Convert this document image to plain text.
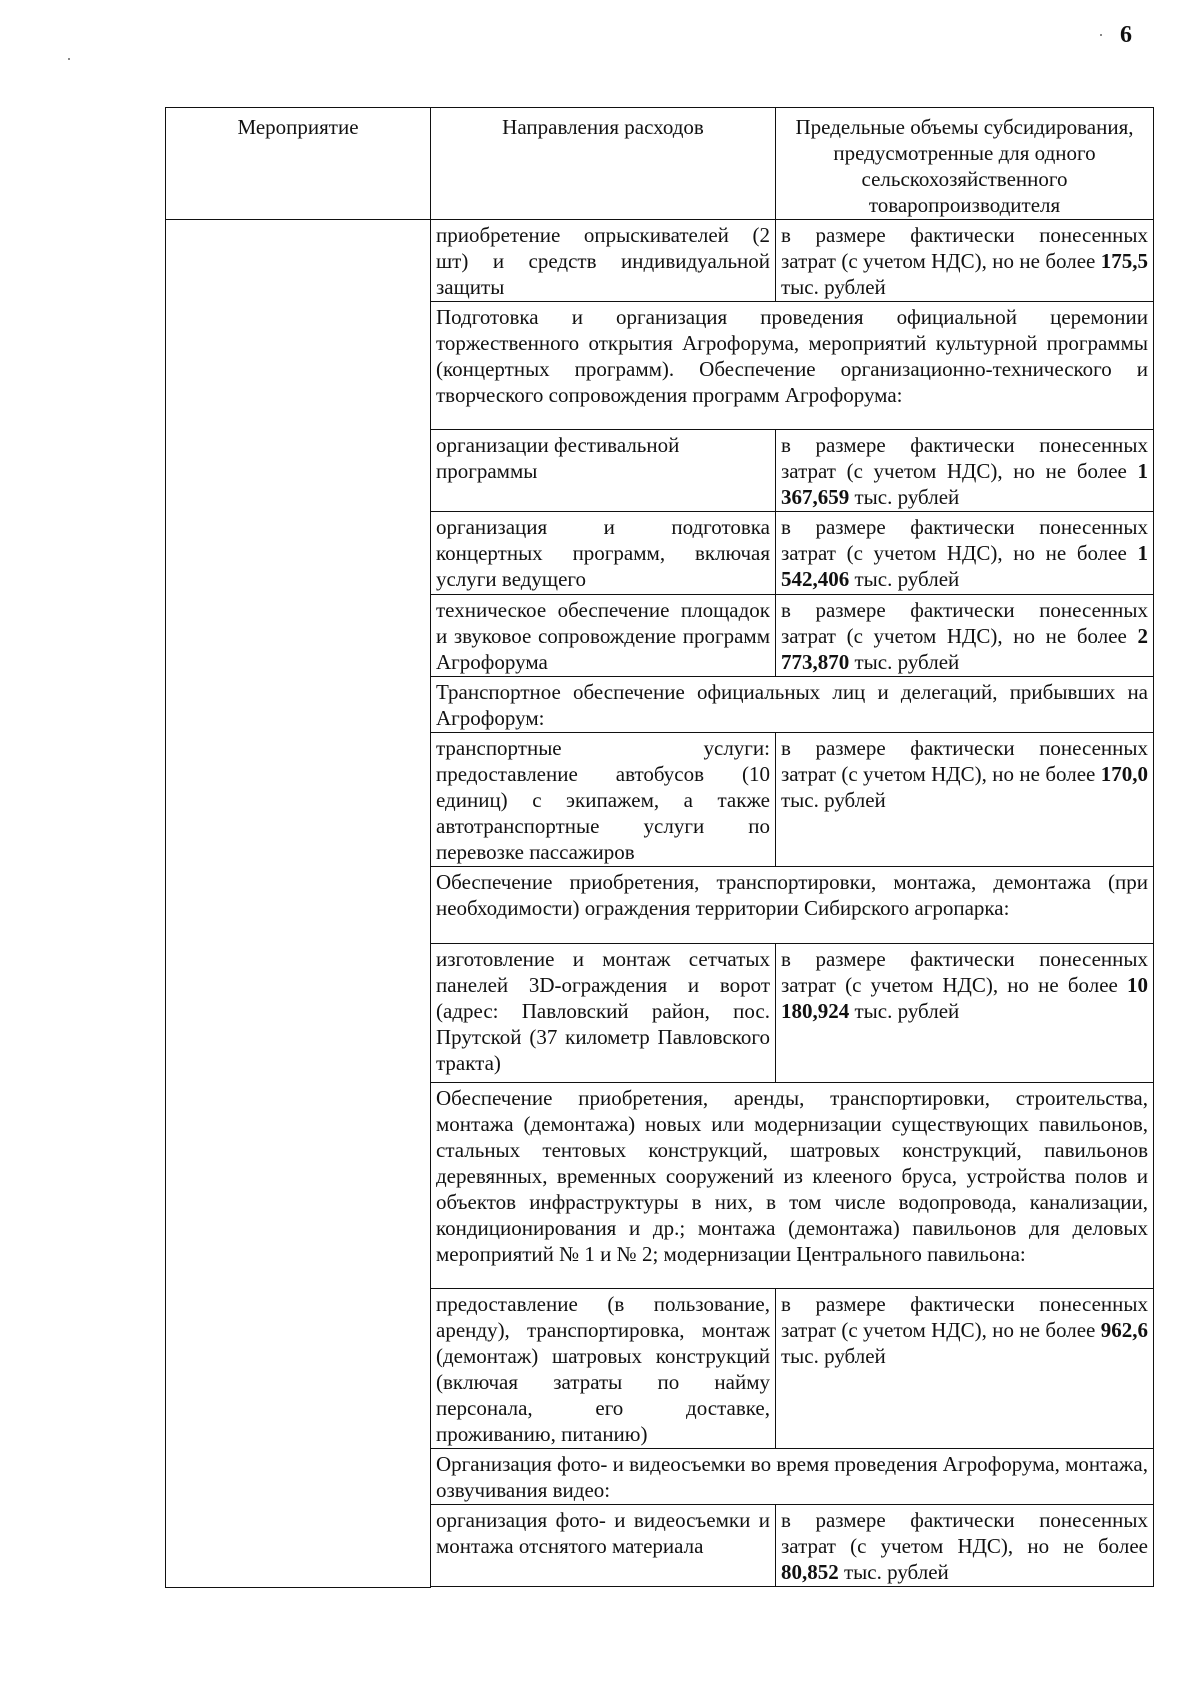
6
Мероприятие	Направления расходов	Предельные объемы субсидирования, предусмотренные для одного сельскохозяйственного товаропроизводителя
	приобретение опрыскивателей (2 шт) и средств индивидуальной защиты	в размере фактически понесенных затрат (с учетом НДС), но не более 175,5 тыс. рублей
	Подготовка и организация проведения официальной церемонии торжественного открытия Агрофорума, мероприятий культурной программы (концертных программ). Обеспечение организационно-технического и творческого сопровождения программ Агрофорума:	
	организации фестивальной программы	в размере фактически понесенных затрат (с учетом НДС), но не более 1 367,659 тыс. рублей
	организация и подготовка концертных программ, включая услуги ведущего	в размере фактически понесенных затрат (с учетом НДС), но не более 1 542,406 тыс. рублей
	техническое обеспечение площадок и звуковое сопровождение программ Агрофорума	в размере фактически понесенных затрат (с учетом НДС), но не более 2 773,870 тыс. рублей
	Транспортное обеспечение официальных лиц и делегаций, прибывших на Агрофорум:	
	транспортные услуги: предоставление автобусов (10 единиц) с экипажем, а также автотранспортные услуги по перевозке пассажиров	в размере фактически понесенных затрат (с учетом НДС), но не более 170,0 тыс. рублей
	Обеспечение приобретения, транспортировки, монтажа, демонтажа (при необходимости) ограждения территории Сибирского агропарка:	
	изготовление и монтаж сетчатых панелей 3D-ограждения и ворот (адрес: Павловский район, пос. Прутской (37 километр Павловского тракта)	в размере фактически понесенных затрат (с учетом НДС), но не более 10 180,924 тыс. рублей
	Обеспечение приобретения, аренды, транспортировки, строительства, монтажа (демонтажа) новых или модернизации существующих павильонов, стальных тентовых конструкций, шатровых конструкций, павильонов деревянных, временных сооружений из клееного бруса, устройства полов и объектов инфраструктуры в них, в том числе водопровода, канализации, кондиционирования и др.; монтажа (демонтажа) павильонов для деловых мероприятий № 1 и № 2; модернизации Центрального павильона:	
	предоставление (в пользование, аренду), транспортировка, монтаж (демонтаж) шатровых конструкций (включая затраты по найму персонала, его доставке, проживанию, питанию)	в размере фактически понесенных затрат (с учетом НДС), но не более 962,6 тыс. рублей
	Организация фото- и видеосъемки во время проведения Агрофорума, монтажа, озвучивания видео:	
	организация фото- и видеосъемки и монтажа отснятого материала	в размере фактически понесенных затрат (с учетом НДС), но не более 80,852 тыс. рублей
